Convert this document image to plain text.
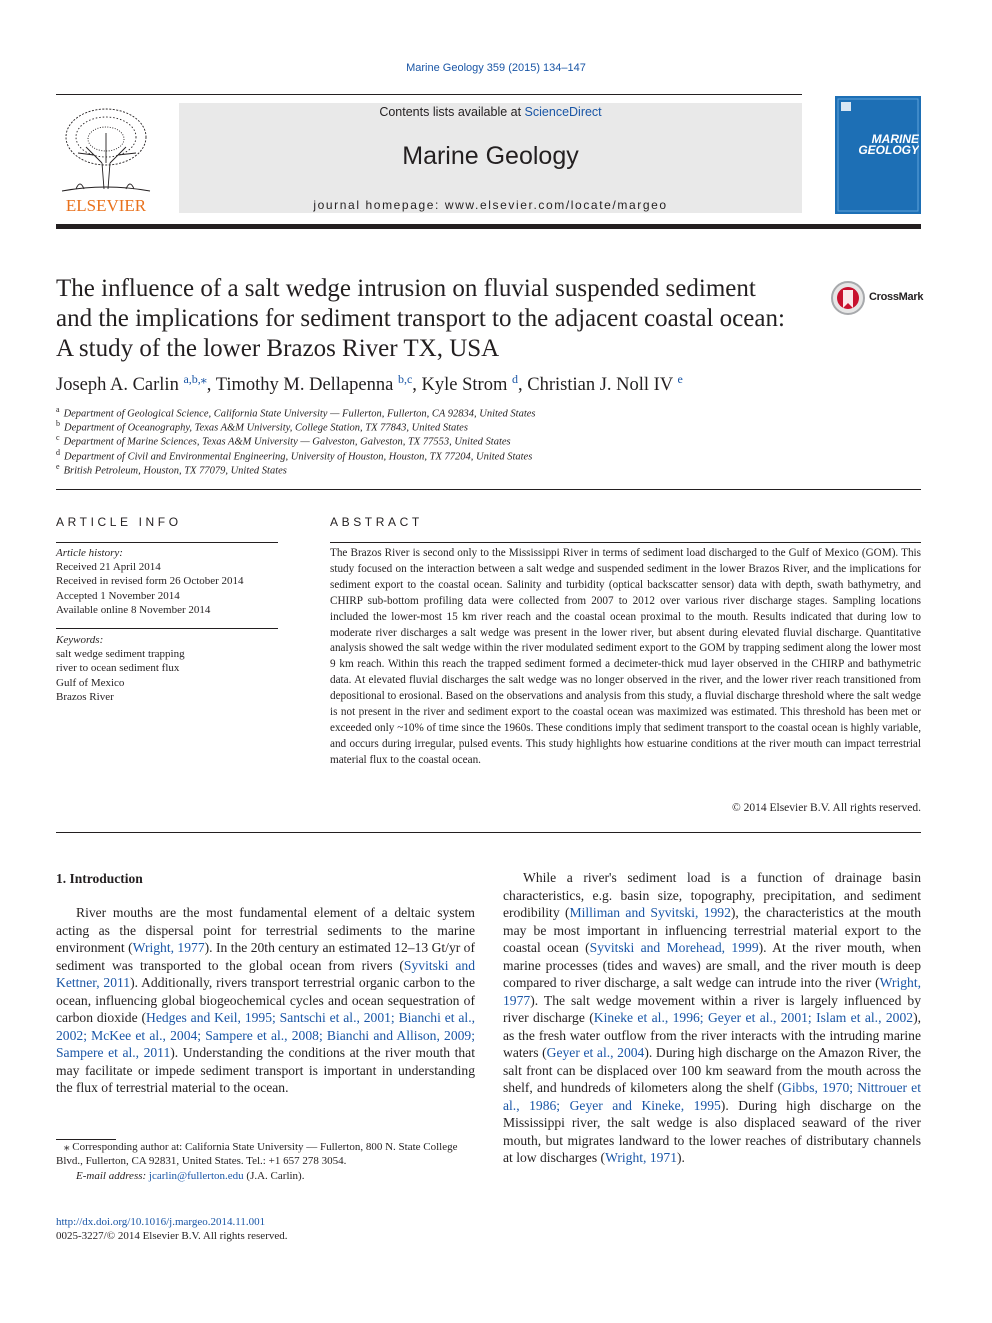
Marine Geology 359 (2015) 134–147
ELSEVIER
Contents lists available at ScienceDirect
Marine Geology
journal homepage: www.elsevier.com/locate/margeo
MARINE GEOLOGY
The influence of a salt wedge intrusion on fluvial suspended sediment and the implications for sediment transport to the adjacent coastal ocean: A study of the lower Brazos River TX, USA
CrossMark
Joseph A. Carlin $^{a,b,⁎}$, Timothy M. Dellapenna $^{b,c}$, Kyle Strom $^d$, Christian J. Noll IV $^e$
$^a$ Department of Geological Science, California State University — Fullerton, Fullerton, CA 92834, United States
$^b$ Department of Oceanography, Texas A&M University, College Station, TX 77843, United States
$^c$ Department of Marine Sciences, Texas A&M University — Galveston, Galveston, TX 77553, United States
$^d$ Department of Civil and Environmental Engineering, University of Houston, Houston, TX 77204, United States
$^e$ British Petroleum, Houston, TX 77079, United States
ARTICLE INFO
Article history:
Received 21 April 2014
Received in revised form 26 October 2014
Accepted 1 November 2014
Available online 8 November 2014
Keywords:
salt wedge sediment trapping
river to ocean sediment flux
Gulf of Mexico
Brazos River
ABSTRACT
The Brazos River is second only to the Mississippi River in terms of sediment load discharged to the Gulf of Mexico (GOM). This study focused on the interaction between a salt wedge and suspended sediment in the lower Brazos River, and the implications for sediment export to the coastal ocean. Salinity and turbidity (optical backscatter sensor) data with depth, swath bathymetry, and CHIRP sub-bottom profiling data were collected from 2007 to 2012 over various river discharge stages. Sampling locations included the lower-most 15 km river reach and the coastal ocean proximal to the mouth. Results indicated that during low to moderate river discharges a salt wedge was present in the lower river, but absent during elevated fluvial discharge. Quantitative analysis showed the salt wedge within the river modulated sediment export to the GOM by trapping sediment along the lower most 9 km reach. Within this reach the trapped sediment formed a decimeter-thick mud layer observed in the CHIRP and bathymetric data. At elevated fluvial discharges the salt wedge was no longer observed in the river, and the lower river reach transitioned from depositional to erosional. Based on the observations and analysis from this study, a fluvial discharge threshold where the salt wedge is not present in the river and sediment export to the coastal ocean was maximized was estimated. This threshold has been met or exceeded only ~10% of time since the 1960s. These conditions imply that sediment transport to the coastal ocean is highly variable, and occurs during irregular, pulsed events. This study highlights how estuarine conditions at the river mouth can impact terrestrial material flux to the coastal ocean.
© 2014 Elsevier B.V. All rights reserved.
1. Introduction

River mouths are the most fundamental element of a deltaic system acting as the dispersal point for terrestrial sediments to the marine environment (Wright, 1977). In the 20th century an estimated 12–13 Gt/yr of sediment was transported to the global ocean from rivers (Syvitski and Kettner, 2011). Additionally, rivers transport terrestrial organic carbon to the ocean, influencing global biogeochemical cycles and ocean sequestration of carbon dioxide (Hedges and Keil, 1995; Santschi et al., 2001; Bianchi et al., 2002; McKee et al., 2004; Sampere et al., 2008; Bianchi and Allison, 2009; Sampere et al., 2011). Understanding the conditions at the river mouth that may facilitate or impede sediment transport is important in understanding the flux of terrestrial material to the ocean.

While a river's sediment load is a function of drainage basin characteristics, e.g. basin size, topography, precipitation, and sediment erodibility (Milliman and Syvitski, 1992), the characteristics at the mouth may be most important in influencing terrestrial material export to the coastal ocean (Syvitski and Morehead, 1999). At the river mouth, when marine processes (tides and waves) are small, and the river mouth is deep compared to river discharge, a salt wedge can intrude into the river (Wright, 1977). The salt wedge movement within a river is largely influenced by river discharge (Kineke et al., 1996; Geyer et al., 2001; Islam et al., 2002), as the fresh water outflow from the river interacts with the intruding marine waters (Geyer et al., 2004). During high discharge on the Amazon River, the salt front can be displaced over 100 km seaward from the mouth across the shelf, and hundreds of kilometers along the shelf (Gibbs, 1970; Nittrouer et al., 1986; Geyer and Kineke, 1995). During high discharge on the Mississippi river, the salt wedge is also displaced seaward of the river mouth, but migrates landward to the lower reaches of distributary channels at low discharges (Wright, 1971).

⁎ Corresponding author at: California State University — Fullerton, 800 N. State College Blvd., Fullerton, CA 92831, United States. Tel.: +1 657 278 3054.
E-mail address: jcarlin@fullerton.edu (J.A. Carlin).
http://dx.doi.org/10.1016/j.margeo.2014.11.001
0025-3227/© 2014 Elsevier B.V. All rights reserved.
